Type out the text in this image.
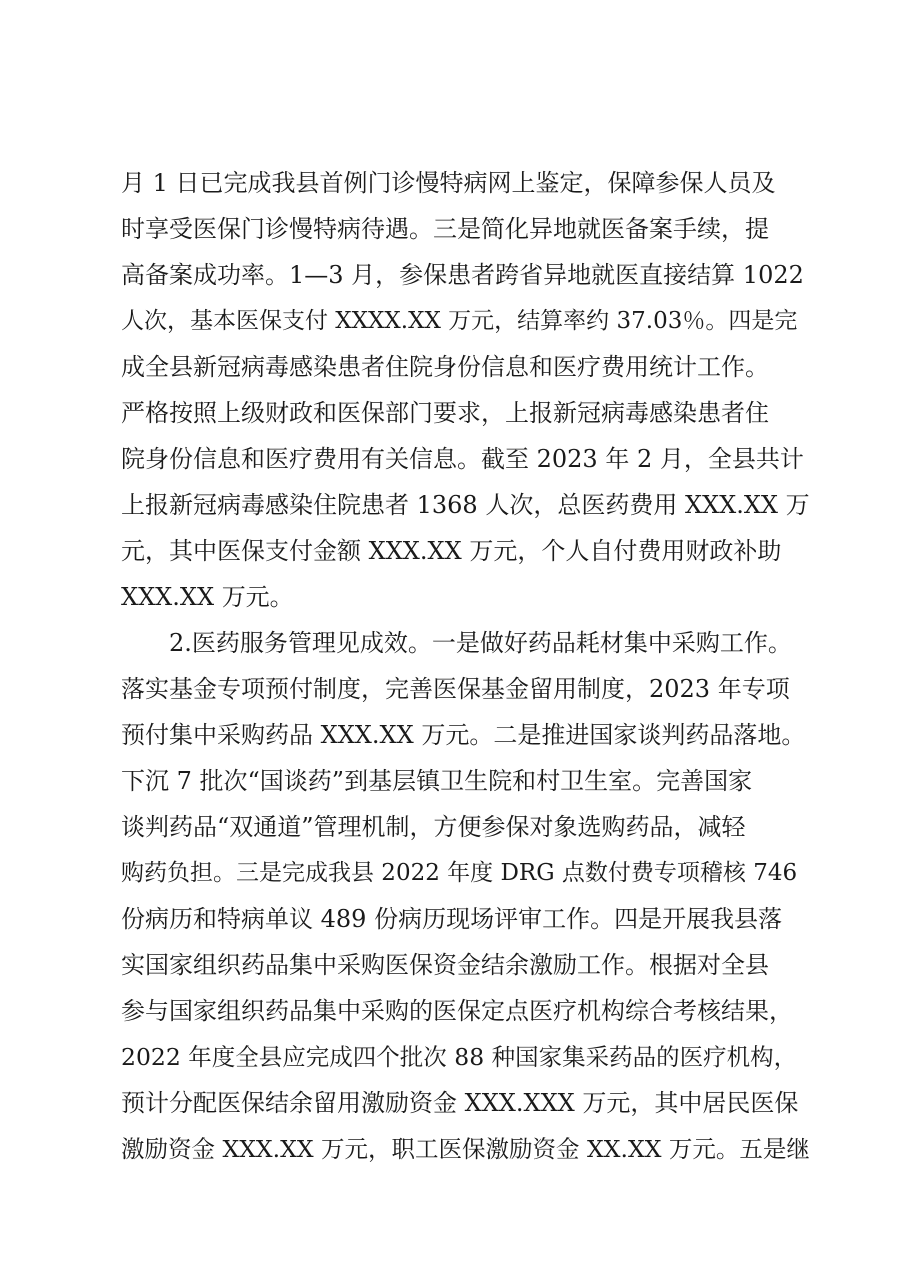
月 1 日已完成我县首例门诊慢特病网上鉴定，保障参保人员及
时享受医保门诊慢特病待遇。三是简化异地就医备案手续，提
高备案成功率。1—3 月，参保患者跨省异地就医直接结算 1022
人次，基本医保支付 XXXX.XX 万元，结算率约 37.03％。四是完
成全县新冠病毒感染患者住院身份信息和医疗费用统计工作。
严格按照上级财政和医保部门要求，上报新冠病毒感染患者住
院身份信息和医疗费用有关信息。截至 2023 年 2 月，全县共计
上报新冠病毒感染住院患者 1368 人次，总医药费用 XXX.XX 万
元，其中医保支付金额 XXX.XX 万元，个人自付费用财政补助
XXX.XX 万元。
2.医药服务管理见成效。一是做好药品耗材集中采购工作。
落实基金专项预付制度，完善医保基金留用制度，2023 年专项
预付集中采购药品 XXX.XX 万元。二是推进国家谈判药品落地。
下沉 7 批次“国谈药”到基层镇卫生院和村卫生室。完善国家
谈判药品“双通道”管理机制，方便参保对象选购药品，减轻
购药负担。三是完成我县 2022 年度 DRG 点数付费专项稽核 746
份病历和特病单议 489 份病历现场评审工作。四是开展我县落
实国家组织药品集中采购医保资金结余激励工作。根据对全县
参与国家组织药品集中采购的医保定点医疗机构综合考核结果，
2022 年度全县应完成四个批次 88 种国家集采药品的医疗机构，
预计分配医保结余留用激励资金 XXX.XXX 万元，其中居民医保
激励资金 XXX.XX 万元，职工医保激励资金 XX.XX 万元。五是继
